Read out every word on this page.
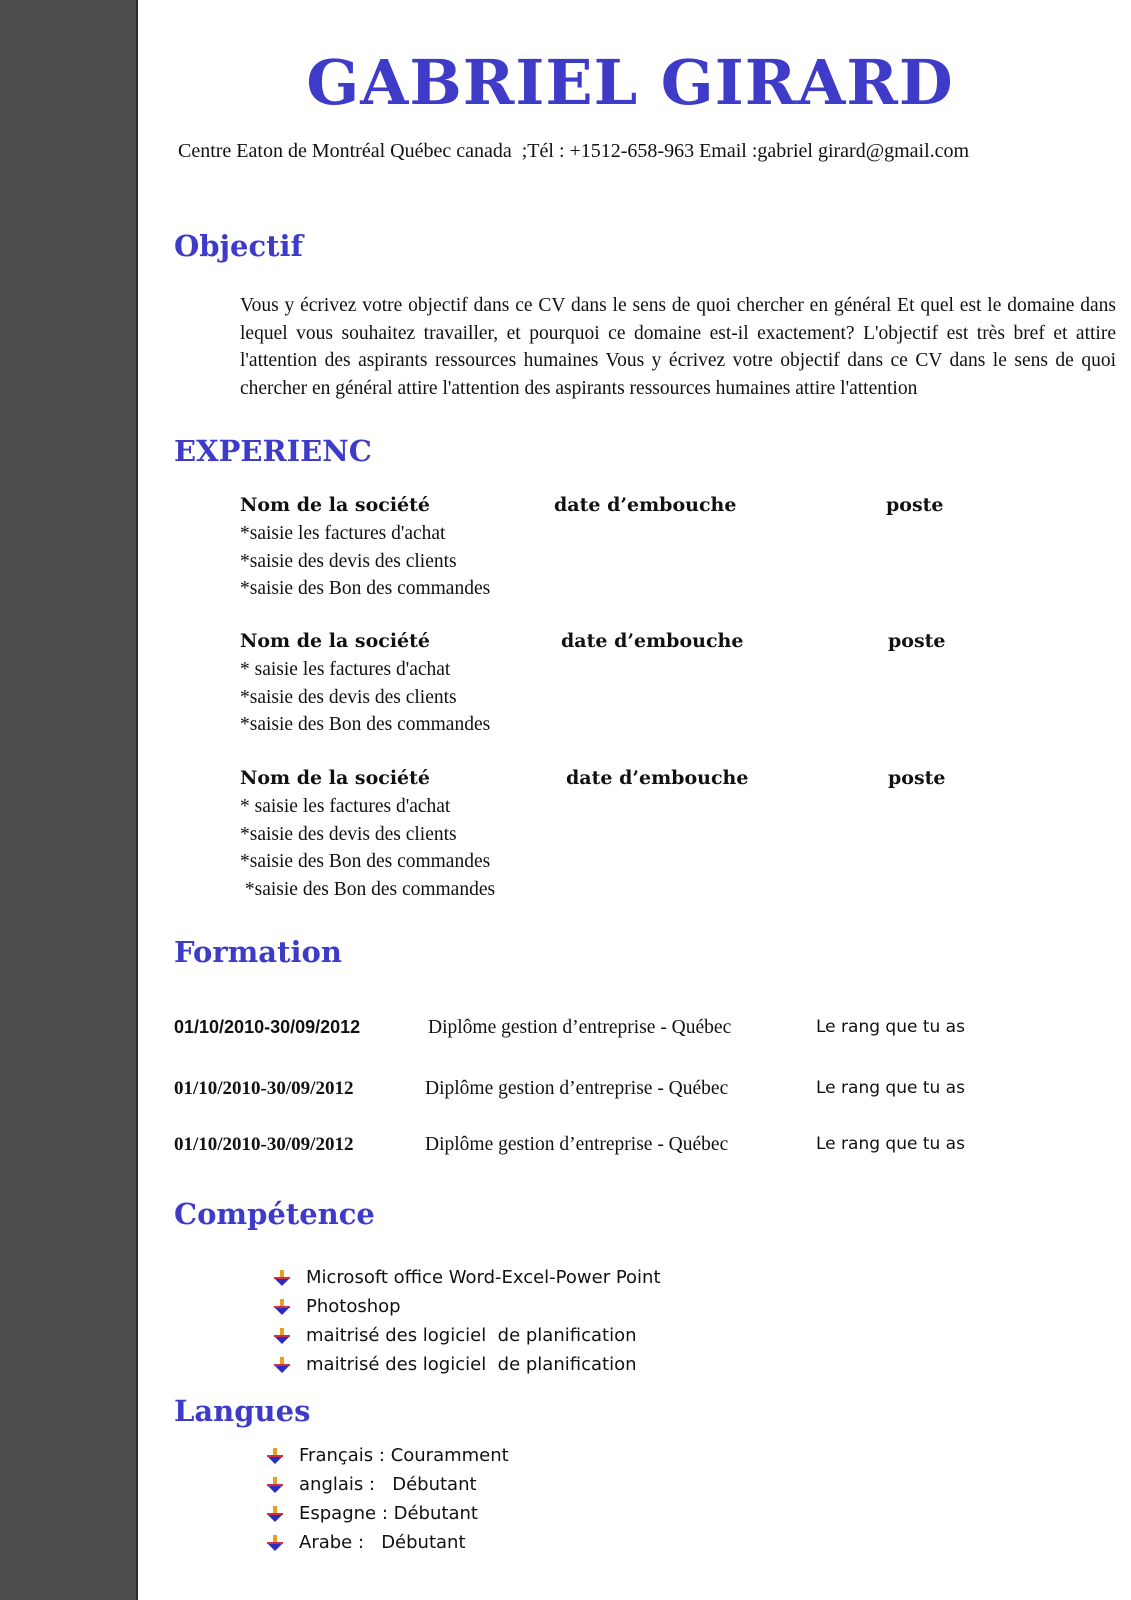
GABRIEL GIRARD
Centre Eaton de Montréal Québec canada  ;Tél : +1512-658-963 Email :gabriel girard@gmail.com
Objectif

Vous y écrivez votre objectif dans ce CV dans le sens de quoi chercher en général Et quel est le domaine dans lequel vous souhaitez travailler, et pourquoi ce domaine est-il exactement? L'objectif est très bref et attire l'attention des aspirants ressources humaines Vous y écrivez votre objectif dans ce CV dans le sens de quoi chercher en général attire l'attention des aspirants ressources humaines attire l'attention

EXPERIENC
Nom de la société	date d’embouche	poste
*saisie les factures d'achat
*saisie des devis des clients
*saisie des Bon des commandes
Nom de la société	date d’embouche	poste
* saisie les factures d'achat
*saisie des devis des clients
*saisie des Bon des commandes
Nom de la société	date d’embouche	poste
* saisie les factures d'achat
*saisie des devis des clients
*saisie des Bon des commandes
*saisie des Bon des commandes
Formation
01/10/2010-30/09/2012	Diplôme gestion d’entreprise - Québec	Le rang que tu as
01/10/2010-30/09/2012	Diplôme gestion d’entreprise - Québec	Le rang que tu as
01/10/2010-30/09/2012	Diplôme gestion d’entreprise - Québec	Le rang que tu as
Compétence
Microsoft office Word-Excel-Power Point
Photoshop
maitrisé des logiciel  de planification
maitrisé des logiciel  de planification
Langues
Français : Couramment
anglais :   Débutant
Espagne : Débutant
Arabe :   Débutant
